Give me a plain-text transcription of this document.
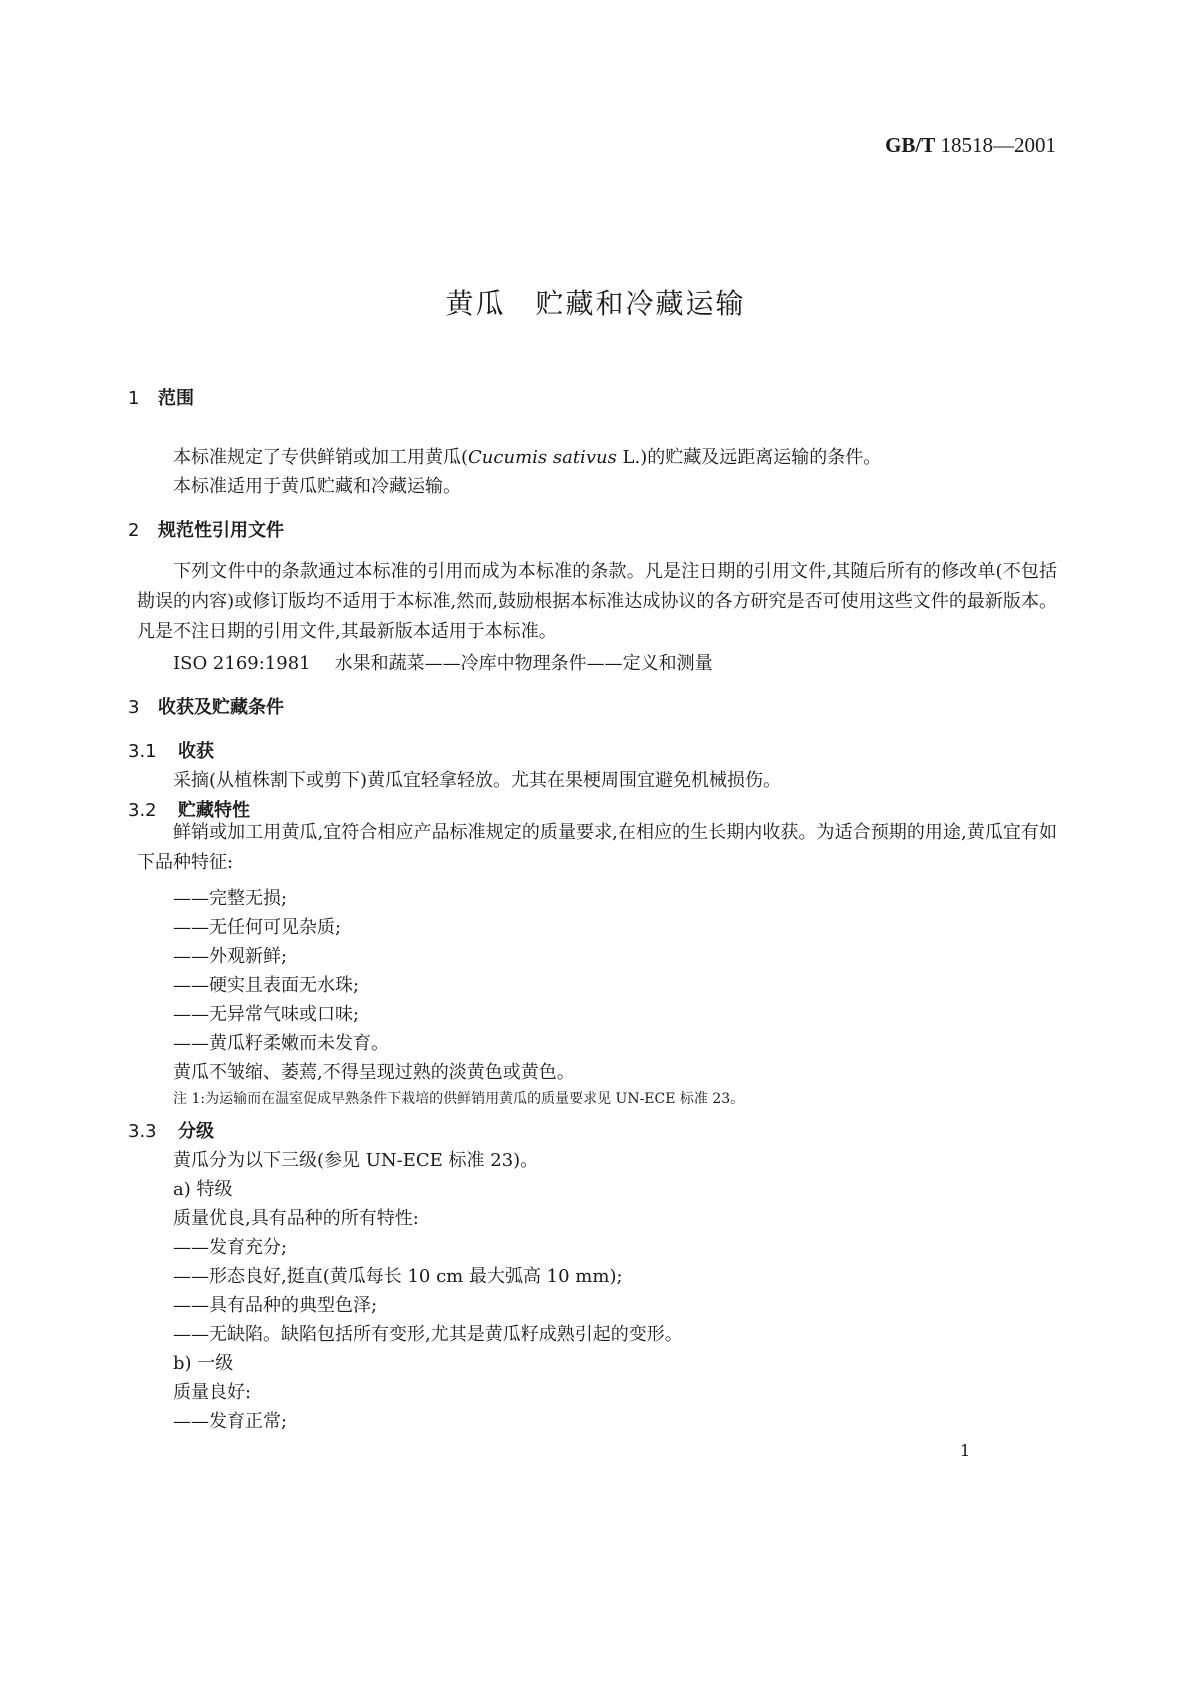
GB/T 18518—2001
黄瓜 贮藏和冷藏运输
1 范围
本标准规定了专供鲜销或加工用黄瓜(Cucumis sativus L.)的贮藏及远距离运输的条件。
本标准适用于黄瓜贮藏和冷藏运输。
2 规范性引用文件
下列文件中的条款通过本标准的引用而成为本标准的条款。凡是注日期的引用文件,其随后所有的修改单(不包括勘误的内容)或修订版均不适用于本标准,然而,鼓励根据本标准达成协议的各方研究是否可使用这些文件的最新版本。凡是不注日期的引用文件,其最新版本适用于本标准。
ISO 2169:1981 水果和蔬菜——冷库中物理条件——定义和测量
3 收获及贮藏条件
3.1 收获
采摘(从植株割下或剪下)黄瓜宜轻拿轻放。尤其在果梗周围宜避免机械损伤。
3.2 贮藏特性
鲜销或加工用黄瓜,宜符合相应产品标准规定的质量要求,在相应的生长期内收获。为适合预期的用途,黄瓜宜有如下品种特征:
——完整无损;
——无任何可见杂质;
——外观新鲜;
——硬实且表面无水珠;
——无异常气味或口味;
——黄瓜籽柔嫩而未发育。
黄瓜不皱缩、萎蔫,不得呈现过熟的淡黄色或黄色。
注 1:为运输而在温室促成早熟条件下栽培的供鲜销用黄瓜的质量要求见 UN-ECE 标准 23。
3.3 分级
黄瓜分为以下三级(参见 UN-ECE 标准 23)。
a) 特级
质量优良,具有品种的所有特性:
——发育充分;
——形态良好,挺直(黄瓜每长 10 cm 最大弧高 10 mm);
——具有品种的典型色泽;
——无缺陷。缺陷包括所有变形,尤其是黄瓜籽成熟引起的变形。
b) 一级
质量良好:
——发育正常;
1
